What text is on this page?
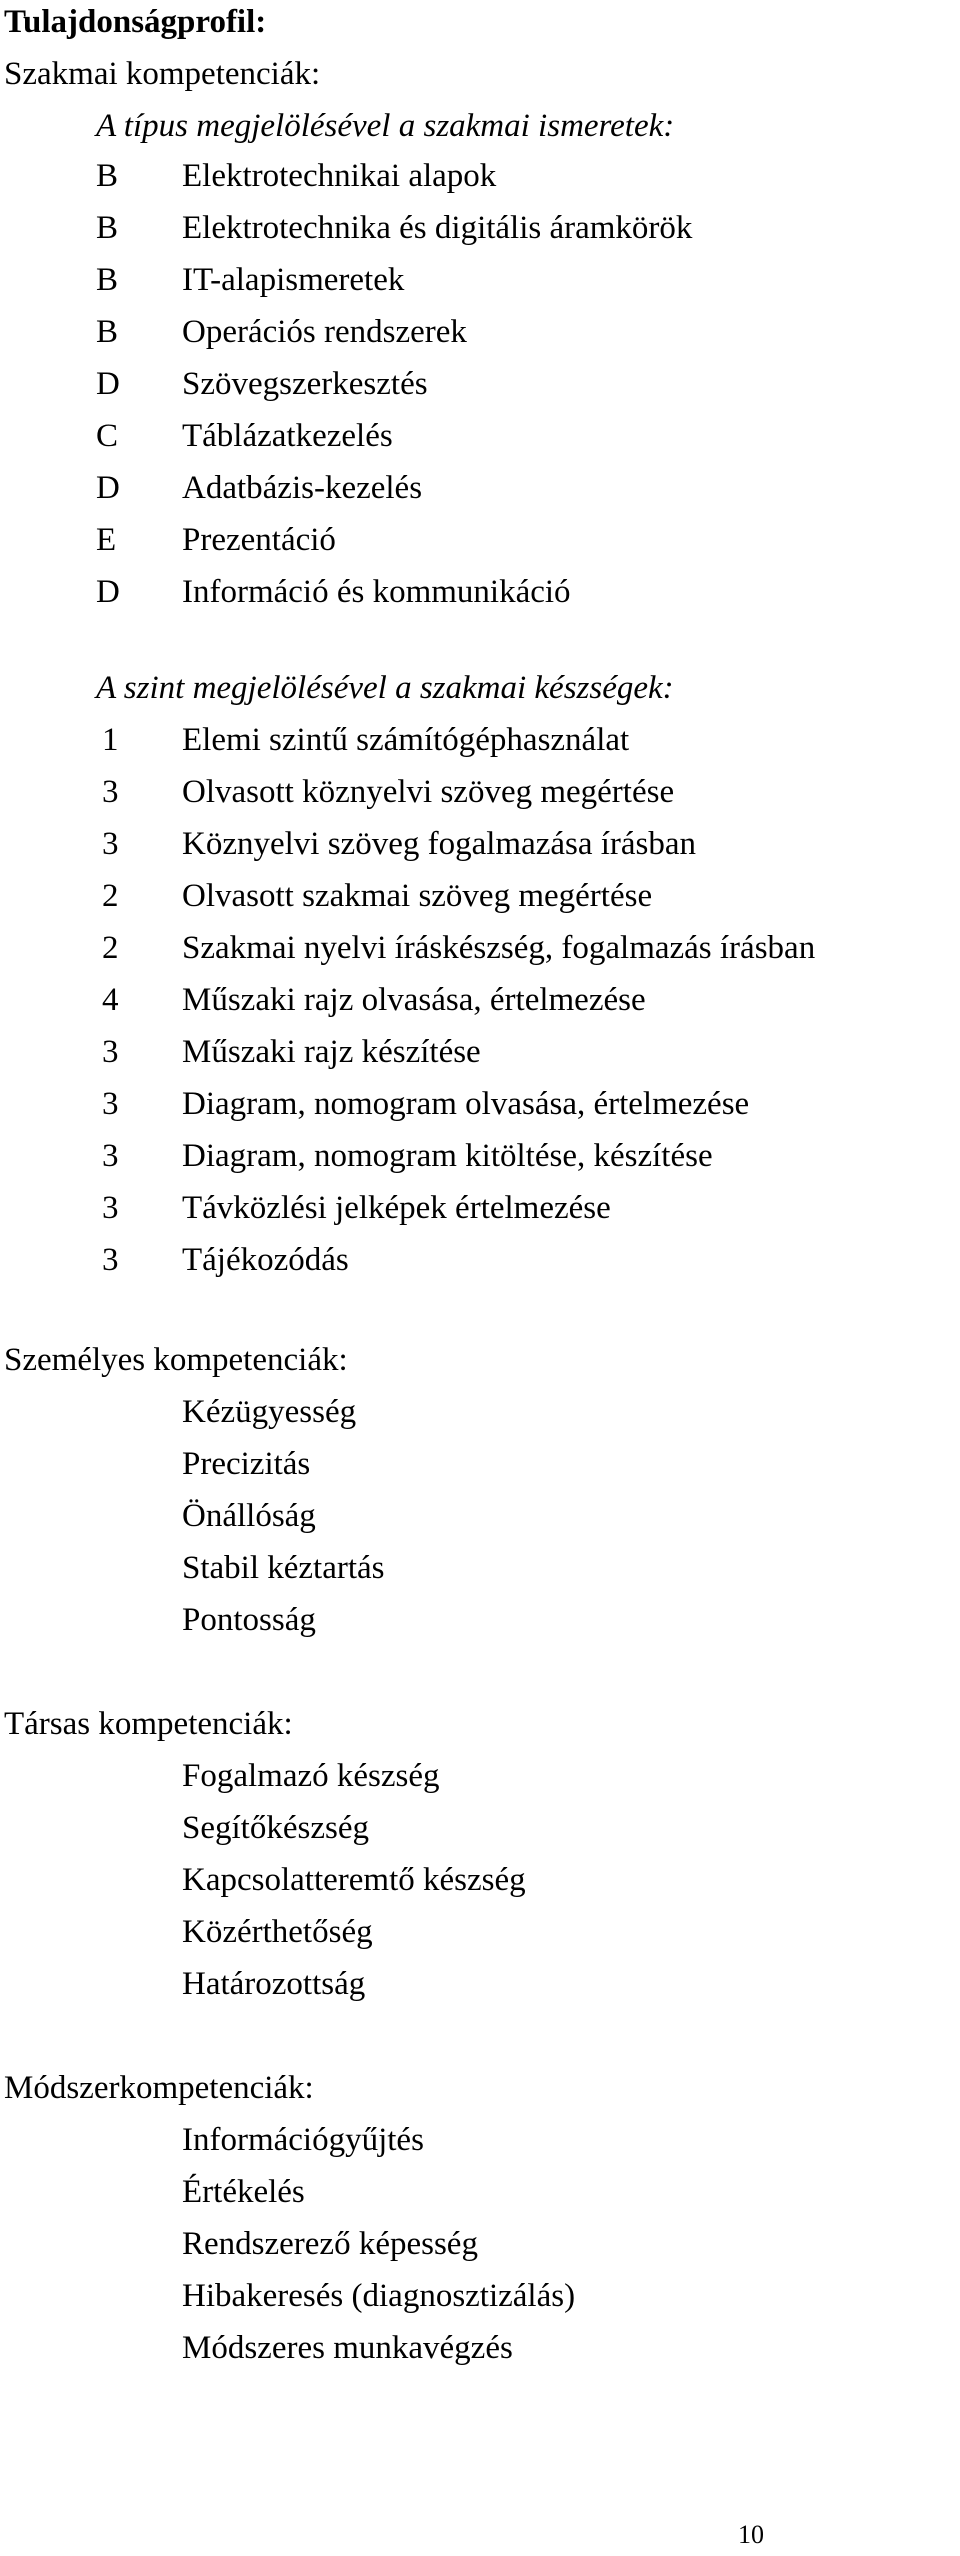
Tulajdonságprofil:
Szakmai kompetenciák:
A típus megjelölésével a szakmai ismeretek:
B	Elektrotechnikai alapok
B	Elektrotechnika és digitális áramkörök
B	IT-alapismeretek
B	Operációs rendszerek
D	Szövegszerkesztés
C	Táblázatkezelés
D	Adatbázis-kezelés
E	Prezentáció
D	Információ és kommunikáció
A szint megjelölésével a szakmai készségek:
1	Elemi szintű számítógéphasználat
3	Olvasott köznyelvi szöveg megértése
3	Köznyelvi szöveg fogalmazása írásban
2	Olvasott szakmai szöveg megértése
2	Szakmai nyelvi íráskészség, fogalmazás írásban
4	Műszaki rajz olvasása, értelmezése
3	Műszaki rajz készítése
3	Diagram, nomogram olvasása, értelmezése
3	Diagram, nomogram kitöltése, készítése
3	Távközlési jelképek értelmezése
3	Tájékozódás
Személyes kompetenciák:
Kézügyesség
Precizitás
Önállóság
Stabil kéztartás
Pontosság
Társas kompetenciák:
Fogalmazó készség
Segítőkészség
Kapcsolatteremtő készség
Közérthetőség
Határozottság
Módszerkompetenciák:
Információgyűjtés
Értékelés
Rendszerező képesség
Hibakeresés (diagnosztizálás)
Módszeres munkavégzés
10
